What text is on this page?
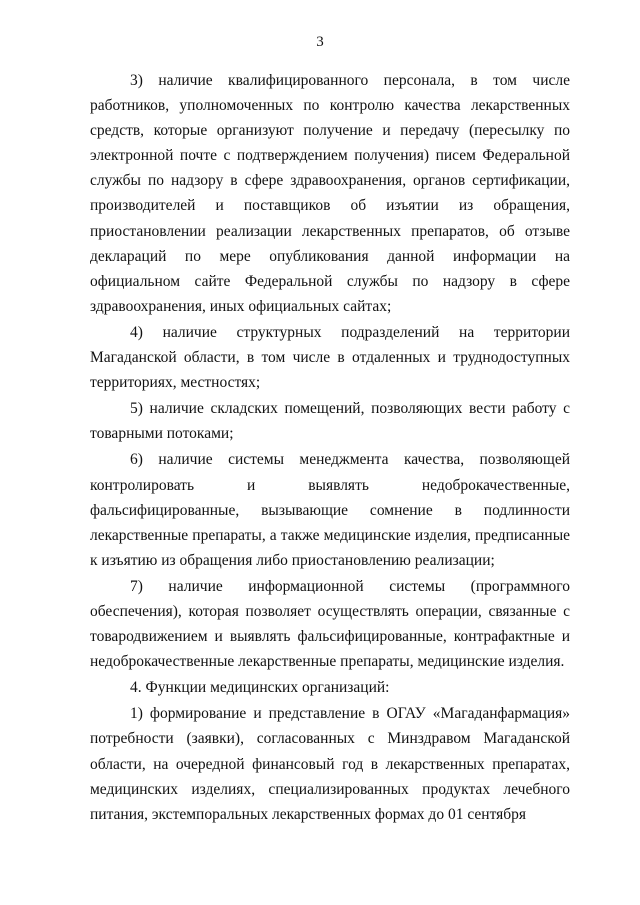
3

3) наличие квалифицированного персонала, в том числе работников, уполномоченных по контролю качества лекарственных средств, которые организуют получение и передачу (пересылку по электронной почте с подтверждением получения) писем Федеральной службы по надзору в сфере здравоохранения, органов сертификации, производителей и поставщиков об изъятии из обращения, приостановлении реализации лекарственных препаратов, об отзыве деклараций по мере опубликования данной информации на официальном сайте Федеральной службы по надзору в сфере здравоохранения, иных официальных сайтах;

4) наличие структурных подразделений на территории Магаданской области, в том числе в отдаленных и труднодоступных территориях, местностях;

5) наличие складских помещений, позволяющих вести работу с товарными потоками;

6) наличие системы менеджмента качества, позволяющей контролировать и выявлять недоброкачественные, фальсифицированные, вызывающие сомнение в подлинности лекарственные препараты, а также медицинские изделия, предписанные к изъятию из обращения либо приостановлению реализации;

7) наличие информационной системы (программного обеспечения), которая позволяет осуществлять операции, связанные с товародвижением и выявлять фальсифицированные, контрафактные и недоброкачественные лекарственные препараты, медицинские изделия.

4. Функции медицинских организаций:

1) формирование и представление в ОГАУ «Магаданфармация» потребности (заявки), согласованных с Минздравом Магаданской области, на очередной финансовый год в лекарственных препаратах, медицинских изделиях, специализированных продуктах лечебного питания, экстемпоральных лекарственных формах до 01 сентября
